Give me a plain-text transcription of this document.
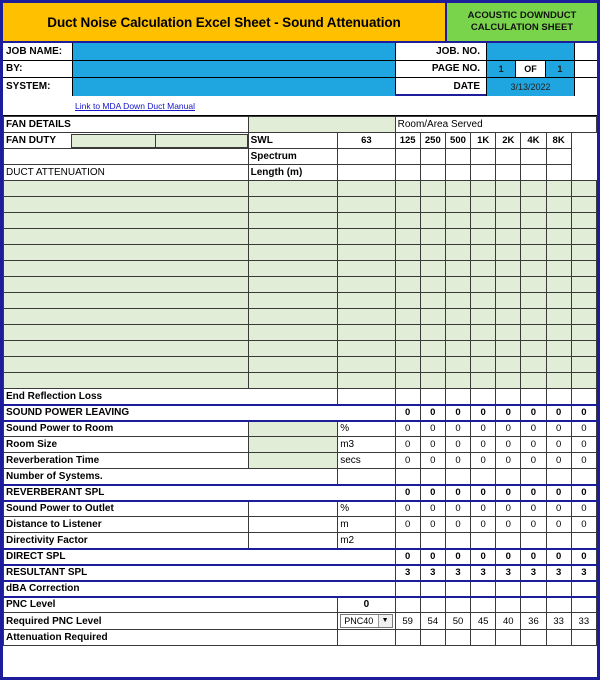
Duct Noise Calculation Excel Sheet - Sound Attenuation	ACOUSTIC DOWNDUCT
CALCULATION SHEET
JOB NAME:
BY:
SYSTEM:
JOB. NO.
PAGE NO.	1	OF	1
DATE	3/13/2022
Link to MDA Down Duct Manual
FAN DETAILS		Room/Area Served

FAN DUTY	SWL	63	125	250	500	1K	2K	4K	8K
	Spectrum								
DUCT ATTENUATION	Length (m)								

End Reflection Loss									
SOUND POWER LEAVING	0	0	0	0	0	0	0	0
Sound Power to Room		%	0	0	0	0	0	0	0	0
Room Size		m3	0	0	0	0	0	0	0	0
Reverberation Time		secs	0	0	0	0	0	0	0	0
Number of Systems.									
REVERBERANT SPL	0	0	0	0	0	0	0	0
Sound Power to Outlet		%	0	0	0	0	0	0	0	0
Distance to Listener		m	0	0	0	0	0	0	0	0
Directivity Factor		m2								
DIRECT SPL	0	0	0	0	0	0	0	0
RESULTANT SPL	3	3	3	3	3	3	3	3
dBA Correction								
PNC Level	0								
Required PNC Level	PNC40	▼	59	54	50	45	40	36	33	33
Attenuation Required									
